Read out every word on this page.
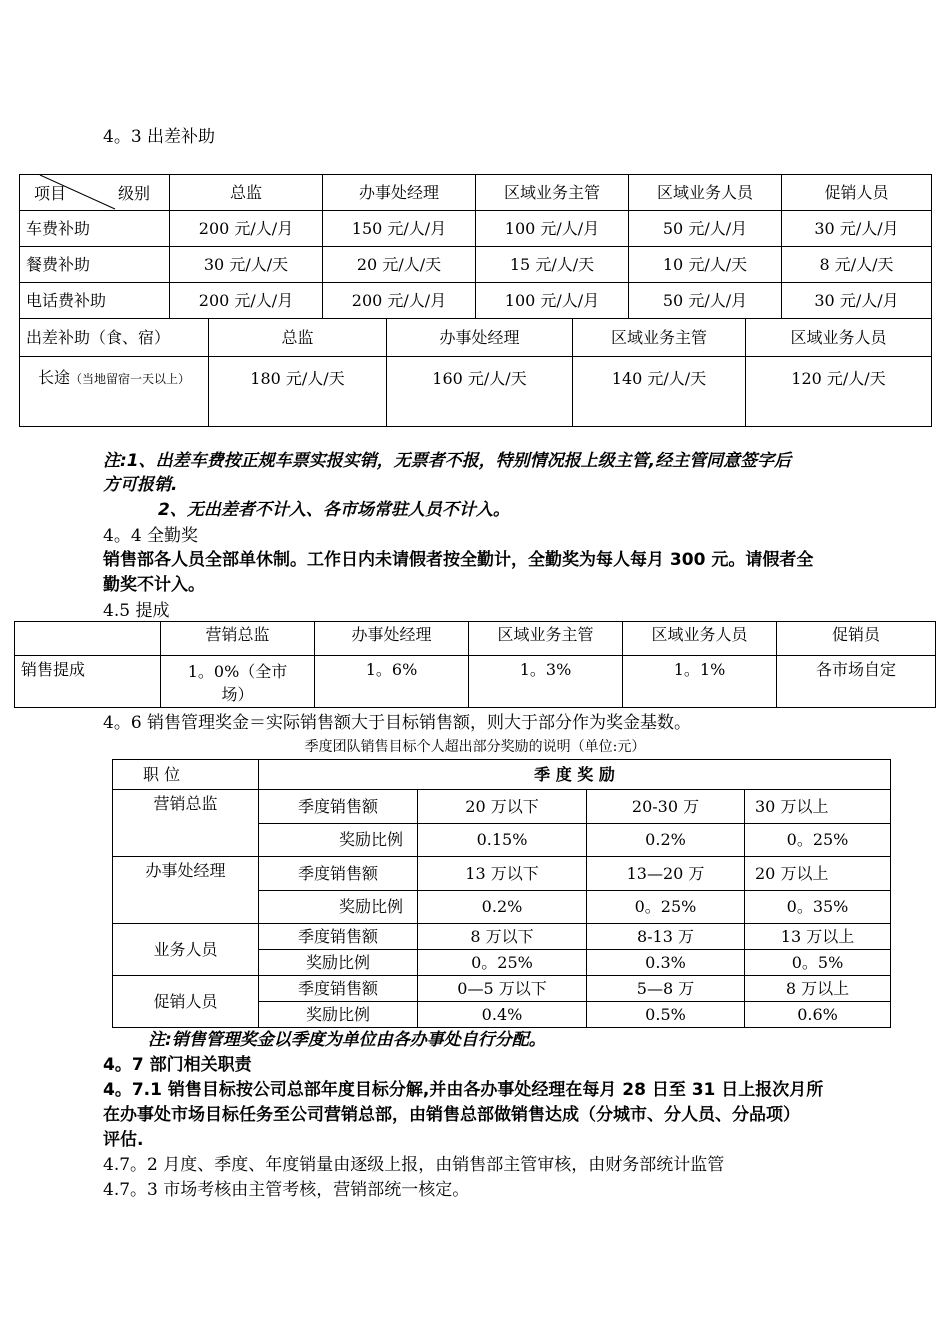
4。3 出差补助
项目 级别	总监	办事处经理	区域业务主管	区域业务人员	促销人员
车费补助	200 元/人/月	150 元/人/月	100 元/人/月	50 元/人/月	30 元/人/月
餐费补助	30 元/人/天	20 元/人/天	15 元/人/天	10 元/人/天	8 元/人/天
电话费补助	200 元/人/月	200 元/人/月	100 元/人/月	50 元/人/月	30 元/人/月
出差补助（食、宿）	总监	办事处经理	区域业务主管	区域业务人员
长途（当地留宿一天以上）	180 元/人/天	160 元/人/天	140 元/人/天	120 元/人/天
注:1、出差车费按正规车票实报实销，无票者不报，特别情况报上级主管,经主管同意签字后
方可报销.
2、无出差者不计入、各市场常驻人员不计入。
4。4 全勤奖
销售部各人员全部单休制。工作日内未请假者按全勤计，全勤奖为每人每月 300 元。请假者全
勤奖不计入。
4.5 提成
	营销总监	办事处经理	区域业务主管	区域业务人员	促销员
销售提成	1。0%（全市场）	1。6%	1。3%	1。1%	各市场自定
4。6 销售管理奖金＝实际销售额大于目标销售额，则大于部分作为奖金基数。
季度团队销售目标个人超出部分奖励的说明（单位:元）
职 位	季 度 奖 励			
营销总监	季度销售额	20 万以下	20-30 万	30 万以上
	奖励比例	0.15%	0.2%	0。25%
办事处经理	季度销售额	13 万以下	13—20 万	20 万以上
	奖励比例	0.2%	0。25%	0。35%
业务人员	季度销售额	8 万以下	8-13 万	13 万以上
	奖励比例	0。25%	0.3%	0。5%
促销人员	季度销售额	0—5 万以下	5—8 万	8 万以上
	奖励比例	0.4%	0.5%	0.6%
注:销售管理奖金以季度为单位由各办事处自行分配。
4。7 部门相关职责
4。7.1 销售目标按公司总部年度目标分解,并由各办事处经理在每月 28 日至 31 日上报次月所
在办事处市场目标任务至公司营销总部，由销售总部做销售达成（分城市、分人员、分品项）
评估.
4.7。2 月度、季度、年度销量由逐级上报，由销售部主管审核，由财务部统计监管
4.7。3 市场考核由主管考核，营销部统一核定。
